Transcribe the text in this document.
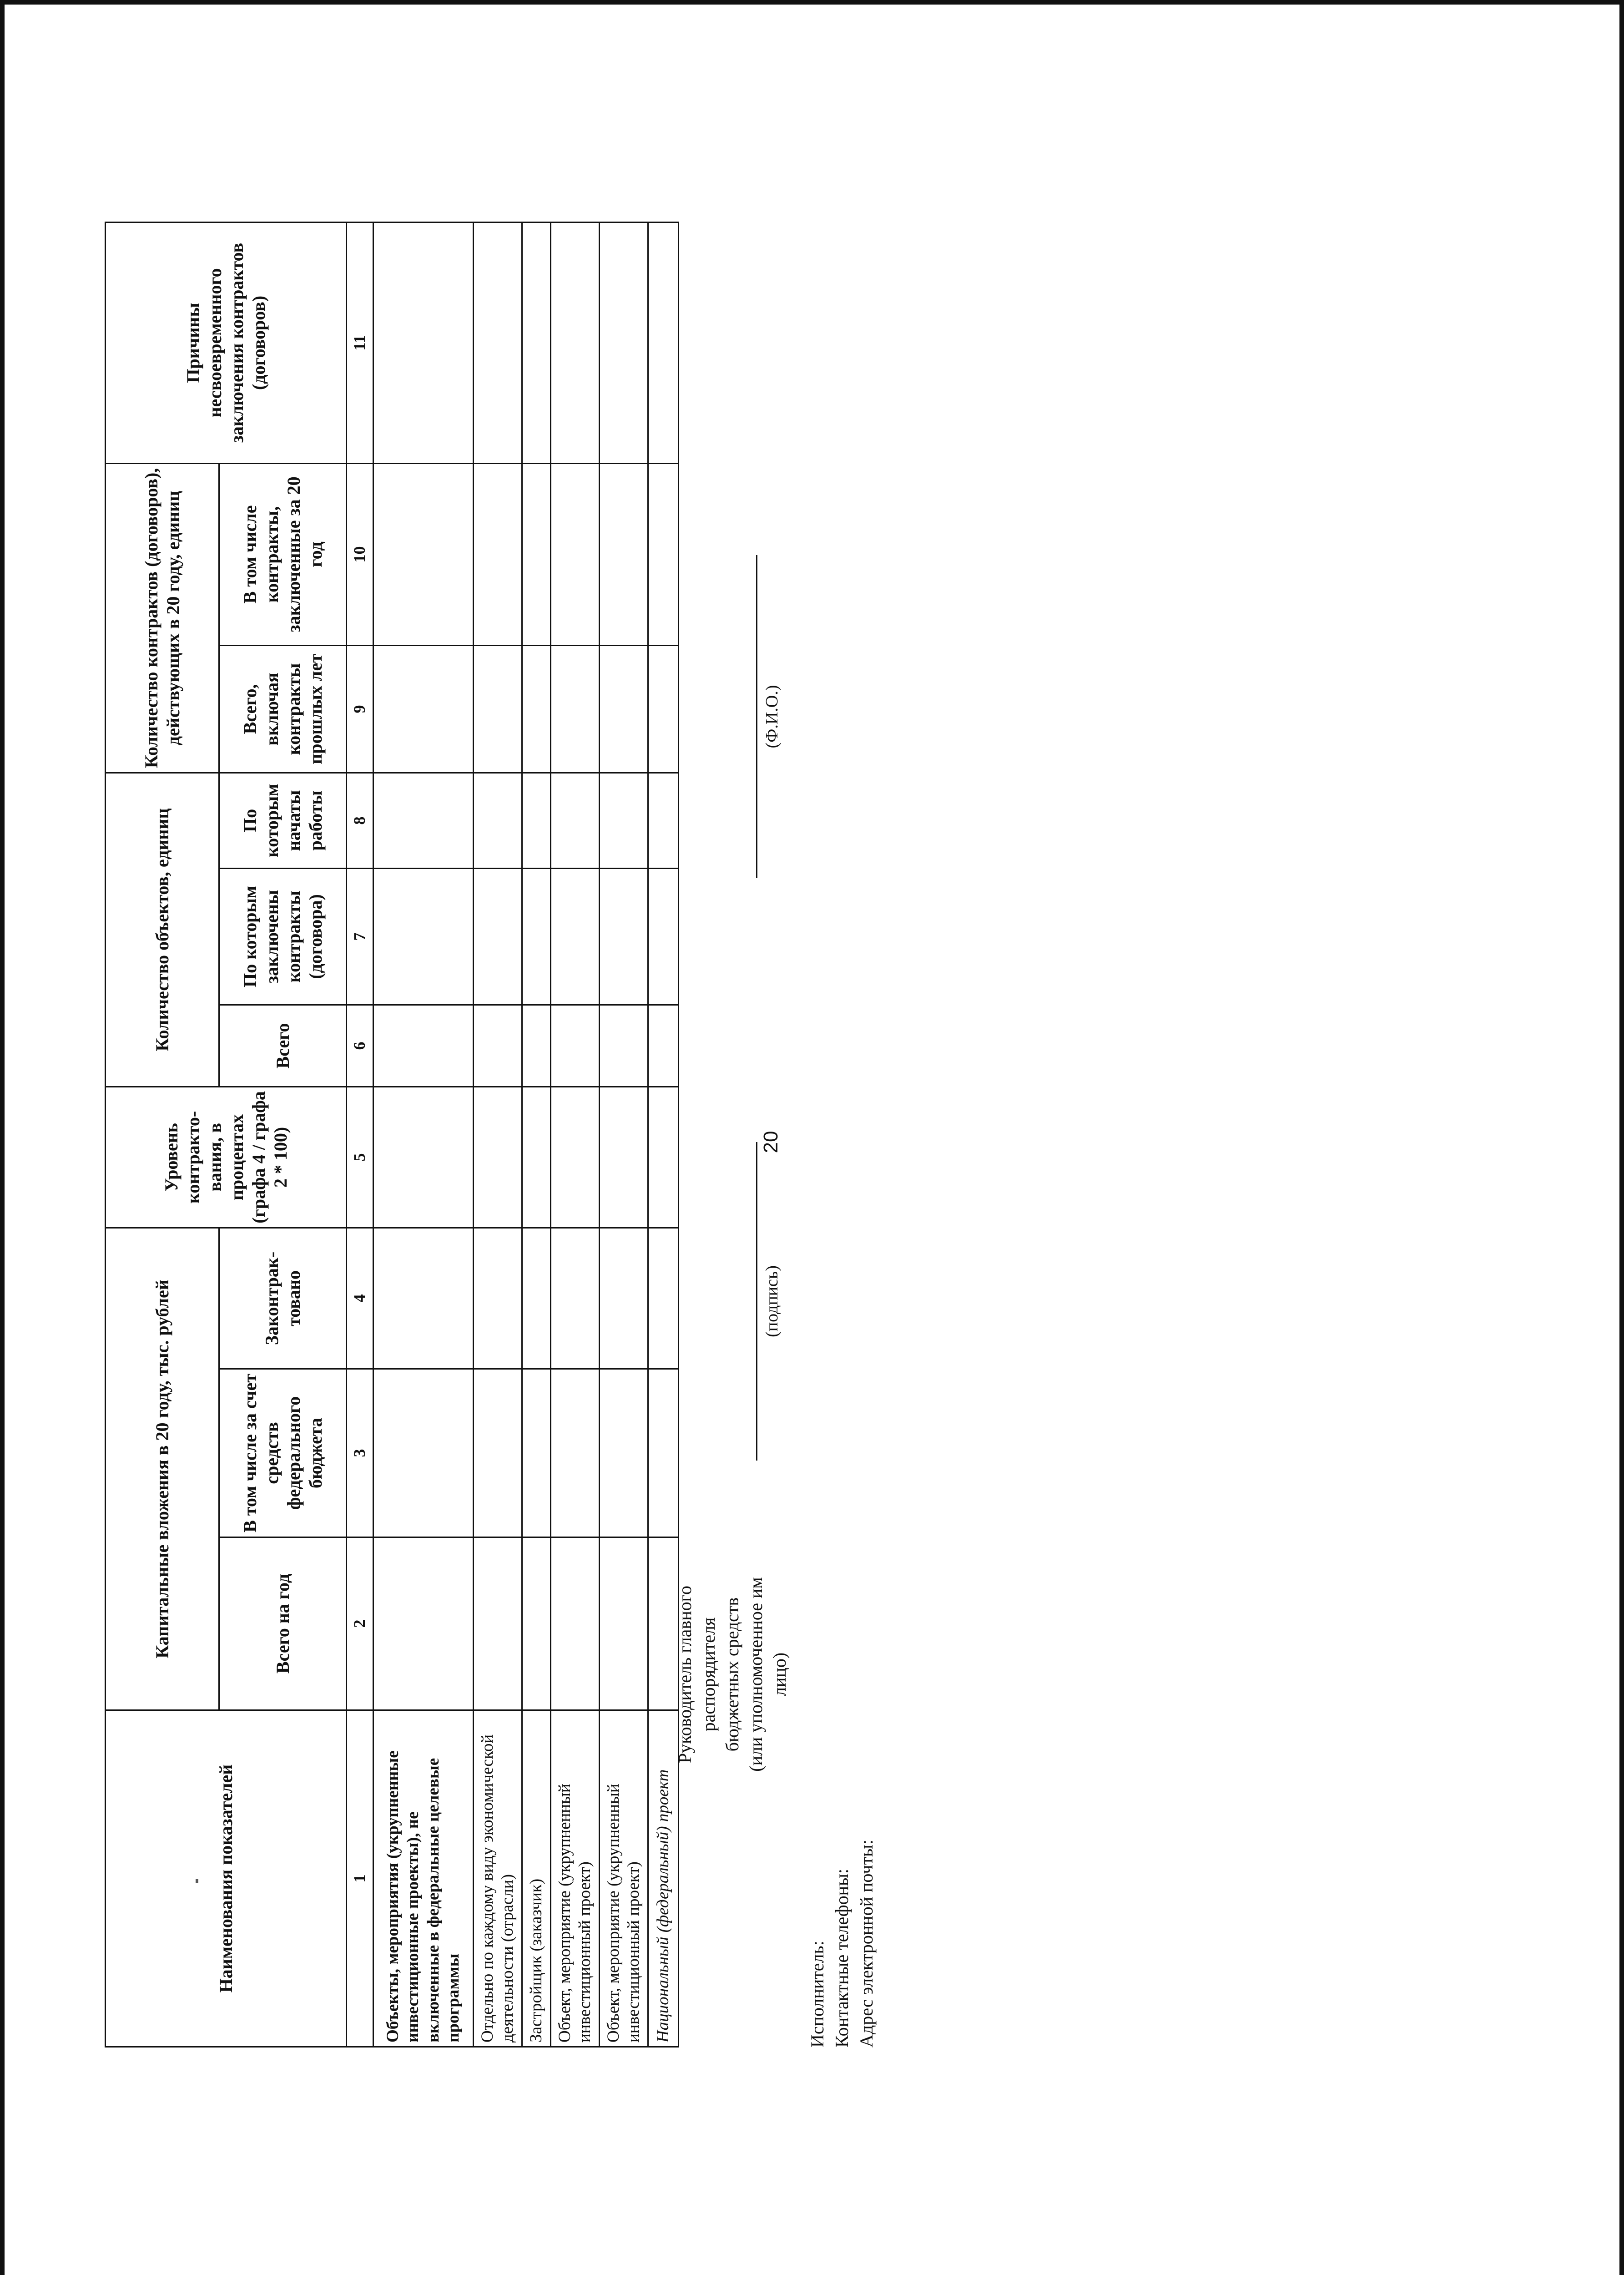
20
Наименования показателей	Капитальные вложения в 20 году, тыс. рублей			Уровень контракто-вания, в процентах (графа 4 / графа 2 * 100)	Количество объектов, единиц			Количество контрактов (договоров), действующих в 20 году, единиц		Причины несвоевременного заключения контрактов (договоров)
	Всего на год	В том числе за счет средств федерального бюджета	Законтрак-товано		Всего	По которым заключены контракты (договора)	По которым начаты работы	Всего, включая контракты прошлых лет	В том числе контракты, заключенные за 20 год	
1	2	3	4	5	6	7	8	9	10	11
Объекты, мероприятия (укрупненные инвестиционные проекты), не включенные в федеральные целевые программы										
Отдельно по каждому виду экономической деятельности (отрасли)										
Застройщик (заказчик)										
Объект, мероприятие (укрупненный инвестиционный проект)										
Объект, мероприятие (укрупненный инвестиционный проект)										
Национальный (федеральный) проект										
Руководитель главного распорядителя бюджетных средств (или уполномоченное им лицо)
(подпись)
(Ф.И.О.)
Исполнитель: Контактные телефоны: Адрес электронной почты:
